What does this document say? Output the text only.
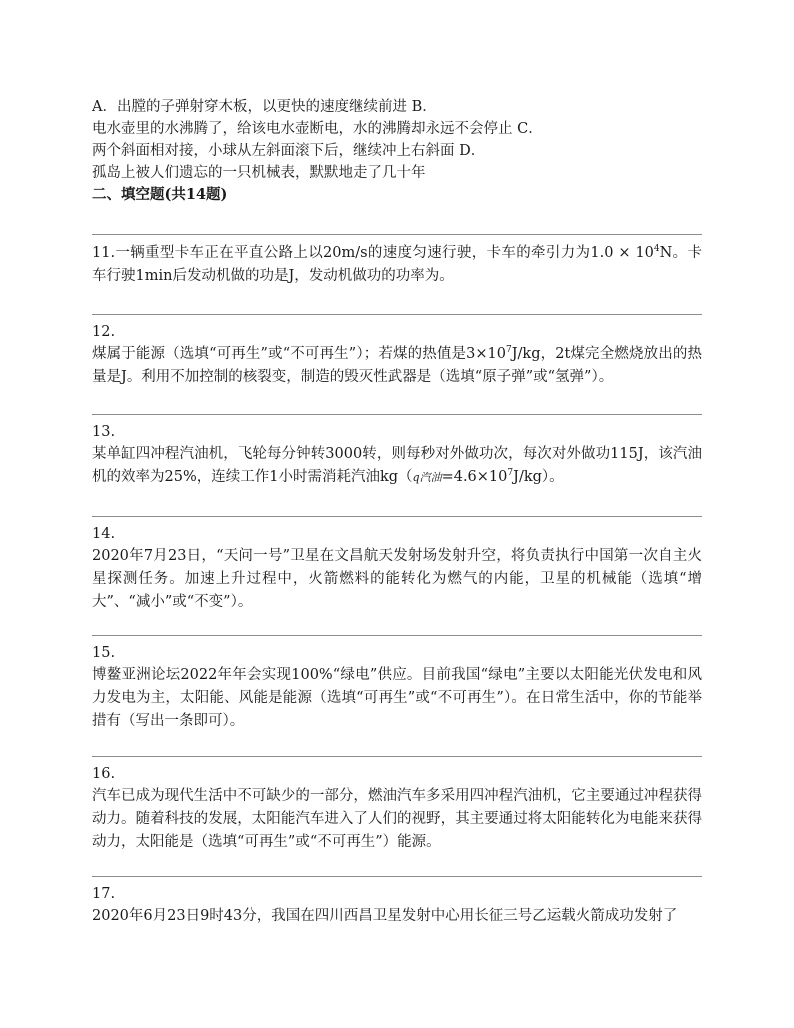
A．出膛的子弹射穿木板，以更快的速度继续前进 B．
电水壶里的水沸腾了，给该电水壶断电，水的沸腾却永远不会停止 C．
两个斜面相对接，小球从左斜面滚下后，继续冲上右斜面 D．
孤岛上被人们遗忘的一只机械表，默默地走了几十年
二、填空题(共14题)
11.一辆重型卡车正在平直公路上以20m/s的速度匀速行驶，卡车的牵引力为$1.0 \times 10^4N$。卡车行驶1min后发动机做的功是J，发动机做功的功率为。
12.
煤属于能源（选填“可再生”或“不可再生”）；若煤的热值是$3\times 10^7J/kg$，2t煤完全燃烧放出的热量是J。利用不加控制的核裂变，制造的毁灭性武器是（选填“原子弹”或“氢弹”）。
13.
某单缸四冲程汽油机，飞轮每分钟转3000转，则每秒对外做功次，每次对外做功115J，该汽油机的效率为25%，连续工作1小时需消耗汽油kg（q汽油$=4.6\times 10^7J/kg$）。
14.
2020年7月23日，“天问一号”卫星在文昌航天发射场发射升空，将负责执行中国第一次自主火星探测任务。加速上升过程中，火箭燃料的能转化为燃气的内能，卫星的机械能（选填“增大”、“减小”或“不变”）。
15.
博鳌亚洲论坛2022年年会实现100%“绿电”供应。目前我国“绿电”主要以太阳能光伏发电和风力发电为主，太阳能、风能是能源（选填“可再生”或“不可再生”）。在日常生活中，你的节能举措有（写出一条即可）。
16.
汽车已成为现代生活中不可缺少的一部分，燃油汽车多采用四冲程汽油机，它主要通过冲程获得动力。随着科技的发展，太阳能汽车进入了人们的视野，其主要通过将太阳能转化为电能来获得动力，太阳能是（选填“可再生”或“不可再生”）能源。
17.
2020年6月23日9时43分，我国在四川西昌卫星发射中心用长征三号乙运载火箭成功发射了
